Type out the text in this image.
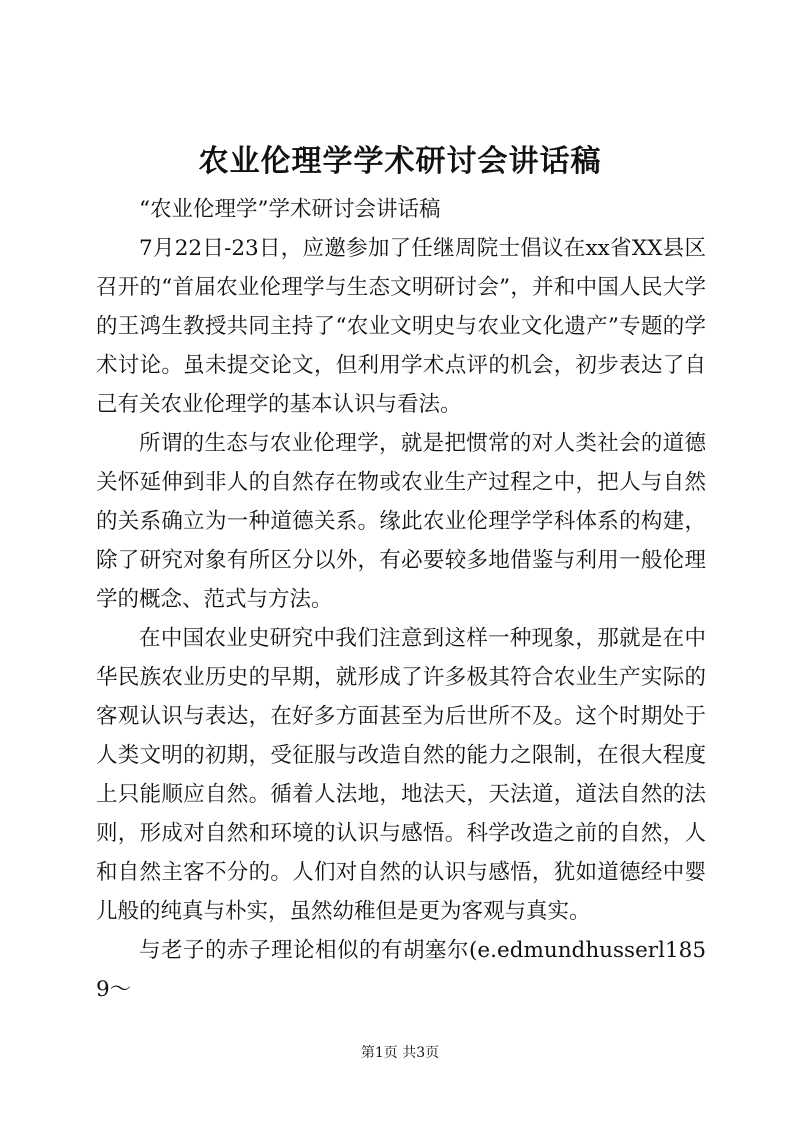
农业伦理学学术研讨会讲话稿

“农业伦理学”学术研讨会讲话稿

7月22日-23日，应邀参加了任继周院士倡议在xx省XX县区召开的“首届农业伦理学与生态文明研讨会”，并和中国人民大学的王鸿生教授共同主持了“农业文明史与农业文化遗产”专题的学术讨论。虽未提交论文，但利用学术点评的机会，初步表达了自己有关农业伦理学的基本认识与看法。

所谓的生态与农业伦理学，就是把惯常的对人类社会的道德关怀延伸到非人的自然存在物或农业生产过程之中，把人与自然的关系确立为一种道德关系。缘此农业伦理学学科体系的构建，除了研究对象有所区分以外，有必要较多地借鉴与利用一般伦理学的概念、范式与方法。

在中国农业史研究中我们注意到这样一种现象，那就是在中华民族农业历史的早期，就形成了许多极其符合农业生产实际的客观认识与表达，在好多方面甚至为后世所不及。这个时期处于人类文明的初期，受征服与改造自然的能力之限制，在很大程度上只能顺应自然。循着人法地，地法天，天法道，道法自然的法则，形成对自然和环境的认识与感悟。科学改造之前的自然，人和自然主客不分的。人们对自然的认识与感悟，犹如道德经中婴儿般的纯真与朴实，虽然幼稚但是更为客观与真实。

与老子的赤子理论相似的有胡塞尔(e.edmundhusserl1859～

第1页 共3页
